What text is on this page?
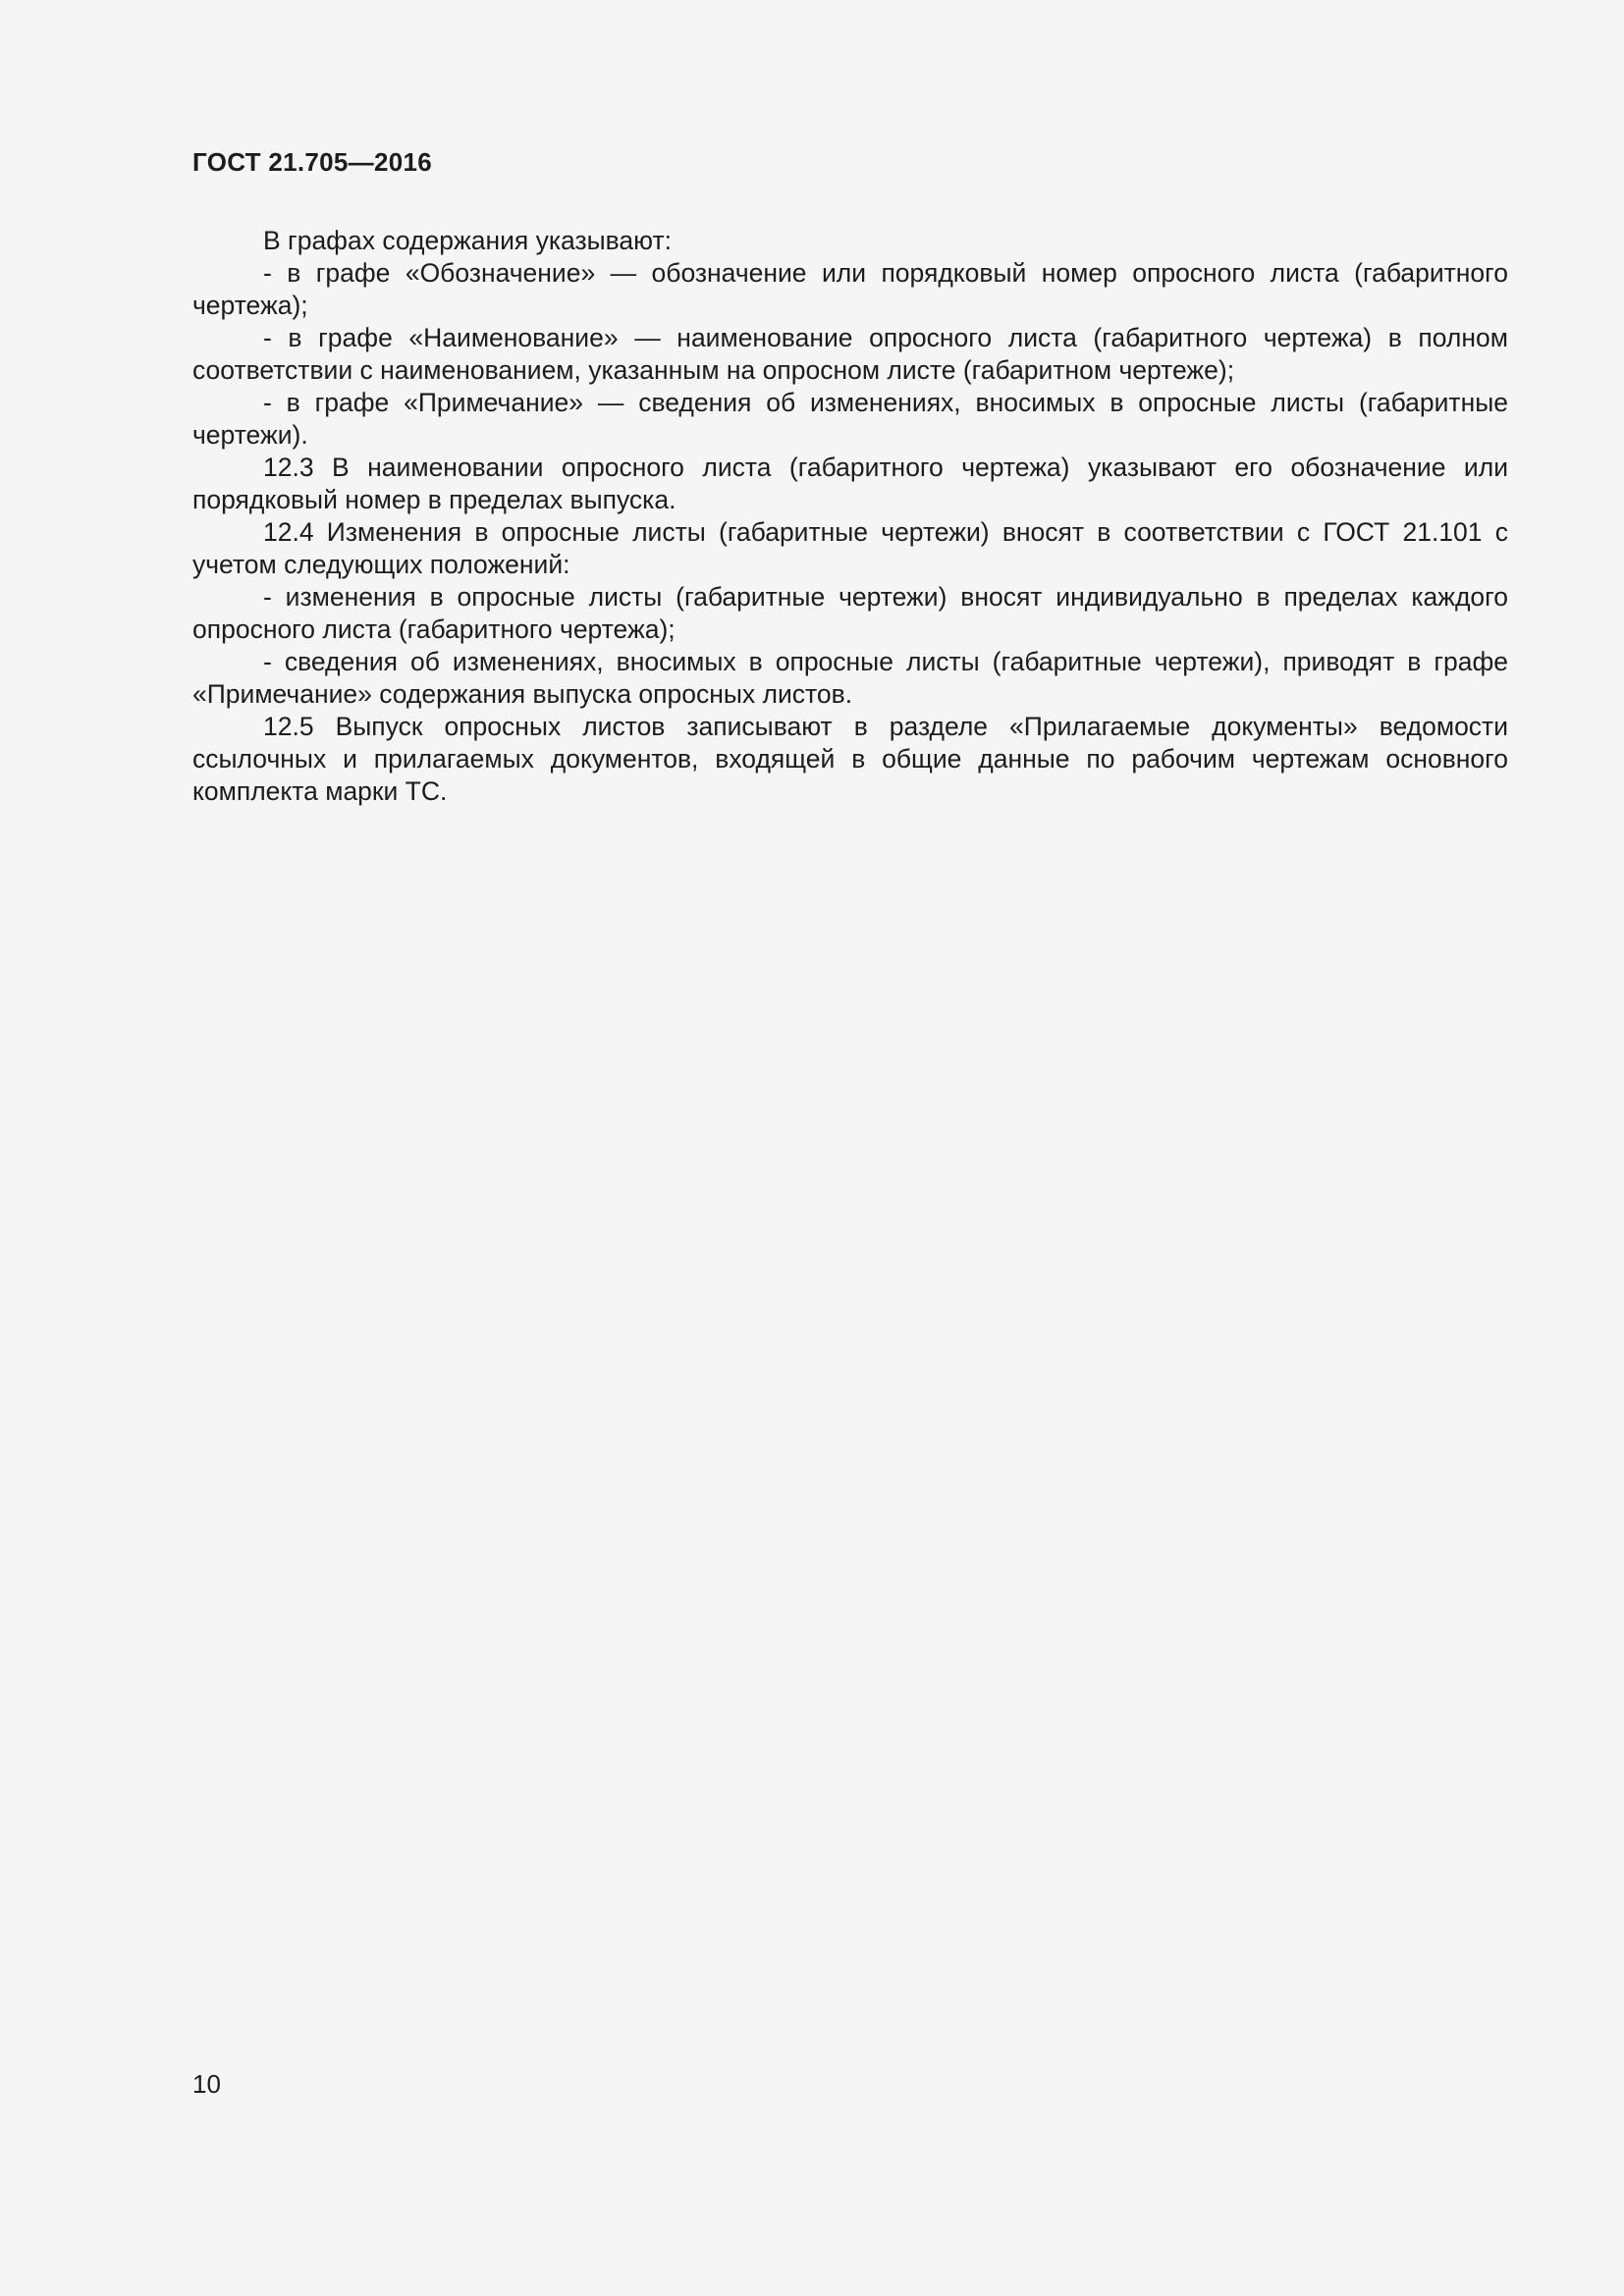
ГОСТ 21.705—2016

В графах содержания указывают:

- в графе «Обозначение» — обозначение или порядковый номер опросного листа (габаритного чертежа);

- в графе «Наименование» — наименование опросного листа (габаритного чертежа) в полном соответствии с наименованием, указанным на опросном листе (габаритном чертеже);

- в графе «Примечание» — сведения об изменениях, вносимых в опросные листы (габаритные чертежи).

12.3 В наименовании опросного листа (габаритного чертежа) указывают его обозначение или порядковый номер в пределах выпуска.

12.4 Изменения в опросные листы (габаритные чертежи) вносят в соответствии с ГОСТ 21.101 с учетом следующих положений:

- изменения в опросные листы (габаритные чертежи) вносят индивидуально в пределах каждого опросного листа (габаритного чертежа);

- сведения об изменениях, вносимых в опросные листы (габаритные чертежи), приводят в графе «Примечание» содержания выпуска опросных листов.

12.5 Выпуск опросных листов записывают в разделе «Прилагаемые документы» ведомости ссылочных и прилагаемых документов, входящей в общие данные по рабочим чертежам основного комплекта марки ТС.

10
